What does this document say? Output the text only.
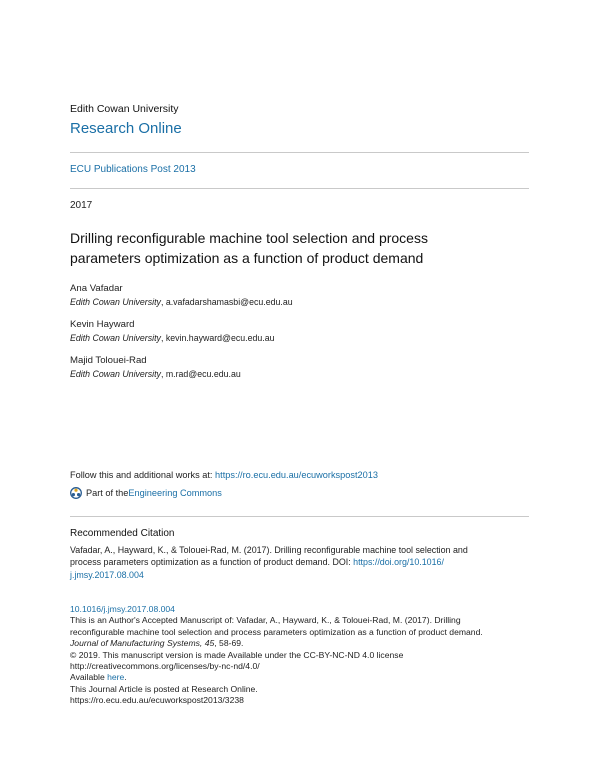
Edith Cowan University
Research Online
ECU Publications Post 2013
2017
Drilling reconfigurable machine tool selection and process
parameters optimization as a function of product demand
Ana Vafadar
Edith Cowan University, a.vafadarshamasbi@ecu.edu.au
Kevin Hayward
Edith Cowan University, kevin.hayward@ecu.edu.au
Majid Tolouei-Rad
Edith Cowan University, m.rad@ecu.edu.au
Follow this and additional works at: https://ro.ecu.edu.au/ecuworkspost2013
Part of the Engineering Commons
Recommended Citation
Vafadar, A., Hayward, K., & Tolouei-Rad, M. (2017). Drilling reconfigurable machine tool selection and
process parameters optimization as a function of product demand. DOI: https://doi.org/10.1016/
j.jmsy.2017.08.004
10.1016/j.jmsy.2017.08.004
This is an Author's Accepted Manuscript of: Vafadar, A., Hayward, K., & Tolouei-Rad, M. (2017). Drilling
reconfigurable machine tool selection and process parameters optimization as a function of product demand.
Journal of Manufacturing Systems, 45, 58-69.
© 2019. This manuscript version is made Available under the CC-BY-NC-ND 4.0 license
http://creativecommons.org/licenses/by-nc-nd/4.0/
Available here.
This Journal Article is posted at Research Online.
https://ro.ecu.edu.au/ecuworkspost2013/3238
